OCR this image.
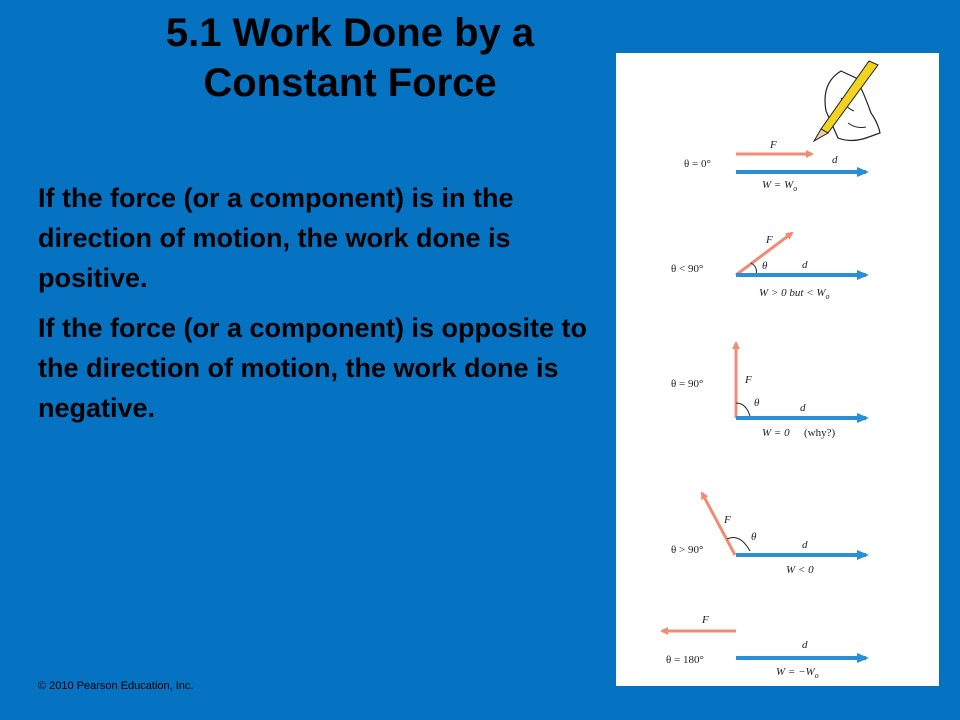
5.1 Work Done by a
Constant Force

If the force (or a component) is in the direction of motion, the work done is positive.

If the force (or a component) is opposite to the direction of motion, the work done is negative.

© 2010 Pearson Education, Inc.
θ = 0°
F
d
$W = W_o$
θ < 90°
F
θ	d
W > 0 but < $W_o$
θ = 90°	F
θ	d
W = 0 (why?)
θ > 90°
F
θ
d
W < 0
F
θ = 180°
d
$W = -W_o$
